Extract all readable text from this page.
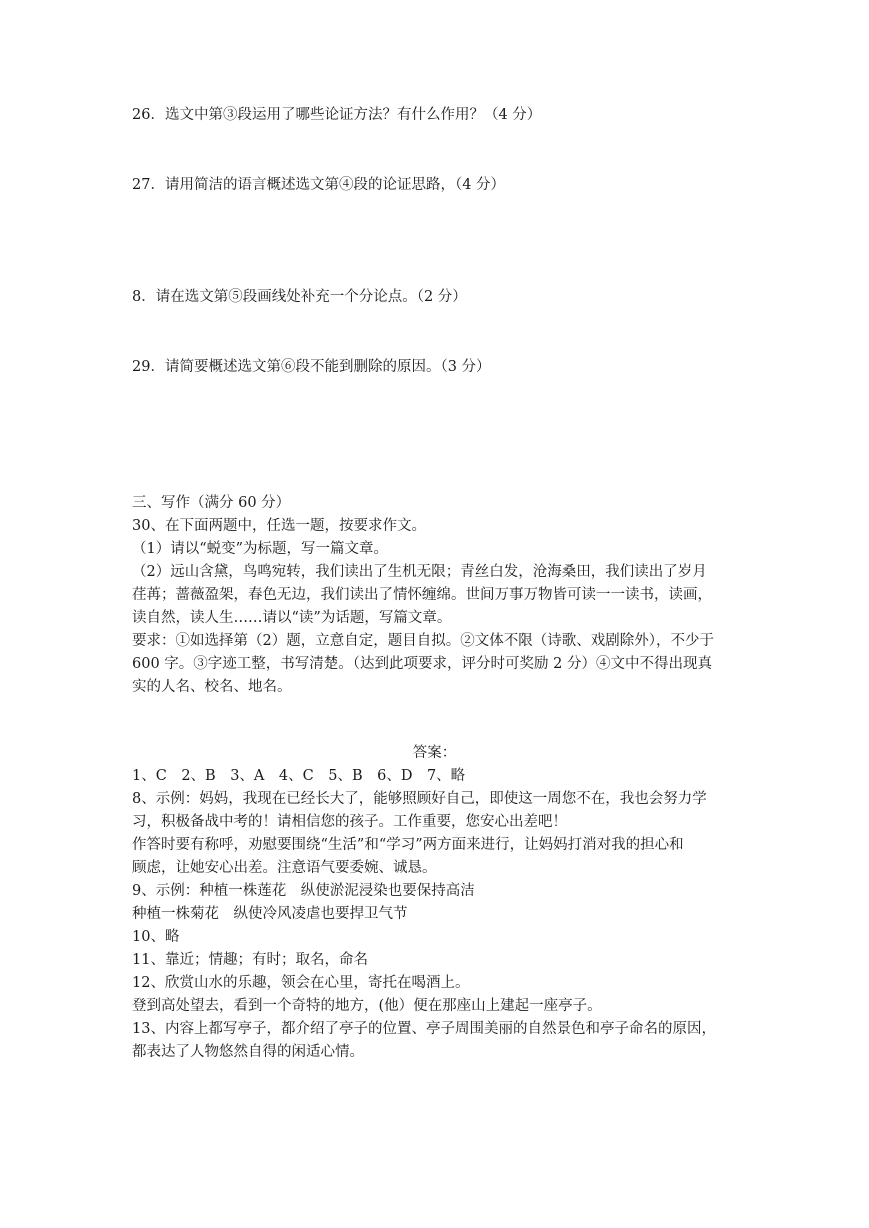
26．选文中第③段运用了哪些论证方法？有什么作用？（4 分）
27．请用简洁的语言概述选文第④段的论证思路，（4 分）
8．请在选文第⑤段画线处补充一个分论点。（2 分）
29．请简要概述选文第⑥段不能到删除的原因。（3 分）
三、写作（满分 60 分）
30、在下面两题中，任选一题，按要求作文。
（1）请以“蜕变”为标题，写一篇文章。
（2）远山含黛，鸟鸣宛转，我们读出了生机无限；青丝白发，沧海桑田，我们读出了岁月
荏苒；蔷薇盈架，春色无边，我们读出了情怀缠绵。世间万事万物皆可读一一读书，读画，
读自然，读人生……请以“读”为话题，写篇文章。
要求：①如选择第（2）题，立意自定，题目自拟。②文体不限（诗歌、戏剧除外），不少于
600 字。③字迹工整，书写清楚。（达到此项要求，评分时可奖励 2 分）④文中不得出现真
实的人名、校名、地名。
答案：
1、C　2、B　3、A　4、C　5、B　6、D　7、略
8、示例：妈妈，我现在已经长大了，能够照顾好自己，即使这一周您不在，我也会努力学
习，积极备战中考的！请相信您的孩子。工作重要，您安心出差吧！
作答时要有称呼，劝慰要围绕“生活”和“学习”两方面来进行，让妈妈打消对我的担心和
顾虑，让她安心出差。注意语气要委婉、诚恳。
9、示例：种植一株莲花　纵使淤泥浸染也要保持高洁
种植一株菊花　纵使冷风凌虐也要捍卫气节
10、略
11、靠近；情趣；有时；取名，命名
12、欣赏山水的乐趣，领会在心里，寄托在喝酒上。
登到高处望去，看到一个奇特的地方，(他）便在那座山上建起一座亭子。
13、内容上都写亭子，都介绍了亭子的位置、亭子周围美丽的自然景色和亭子命名的原因，
都表达了人物悠然自得的闲适心情。
